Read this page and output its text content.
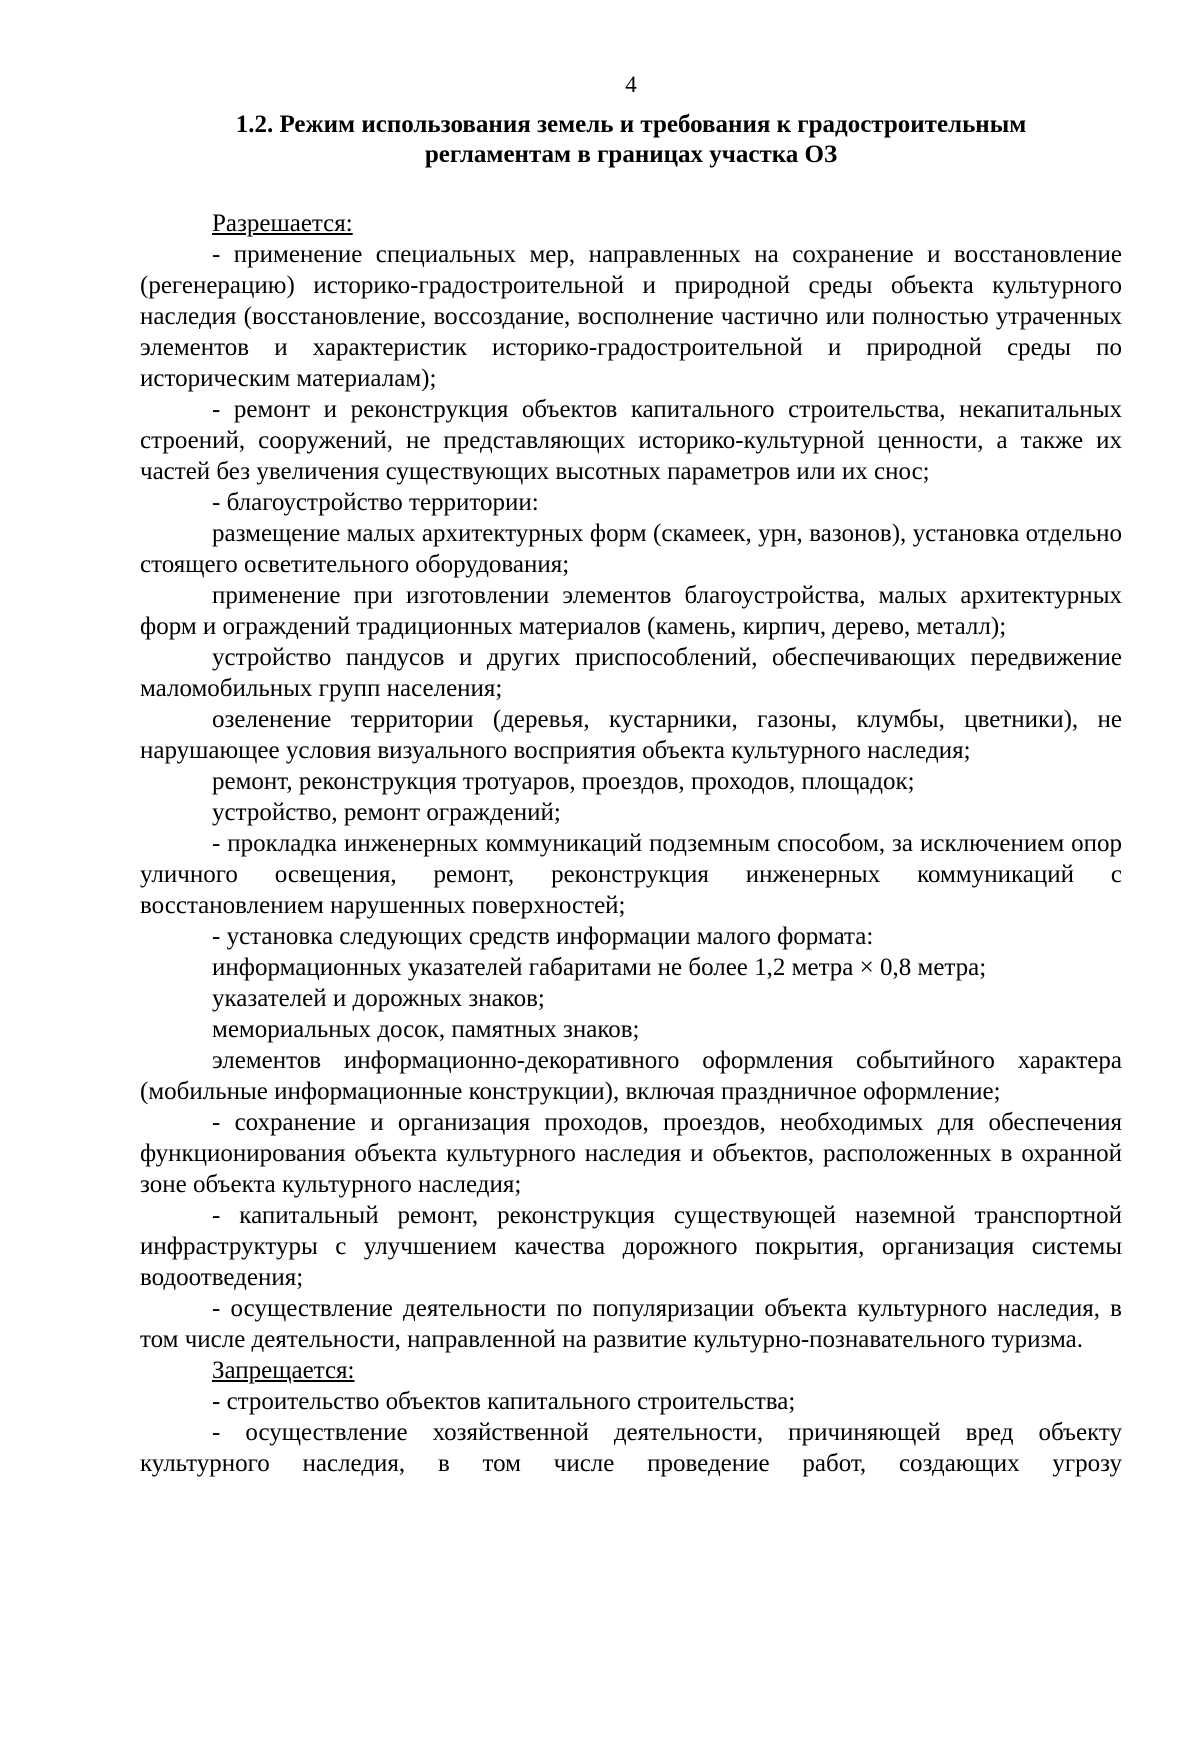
4
1.2. Режим использования земель и требования к градостроительным
регламентам в границах участка ОЗ

Разрешается:

- применение специальных мер, направленных на сохранение и восстановление (регенерацию) историко-градостроительной и природной среды объекта культурного наследия (восстановление, воссоздание, восполнение частично или полностью утраченных элементов и характеристик историко-градостроительной и природной среды по историческим материалам);

- ремонт и реконструкция объектов капитального строительства, некапитальных строений, сооружений, не представляющих историко-культурной ценности, а также их частей без увеличения существующих высотных параметров или их снос;

- благоустройство территории:

размещение малых архитектурных форм (скамеек, урн, вазонов), установка отдельно стоящего осветительного оборудования;

применение при изготовлении элементов благоустройства, малых архитектурных форм и ограждений традиционных материалов (камень, кирпич, дерево, металл);

устройство пандусов и других приспособлений, обеспечивающих передвижение маломобильных групп населения;

озеленение территории (деревья, кустарники, газоны, клумбы, цветники), не нарушающее условия визуального восприятия объекта культурного наследия;

ремонт, реконструкция тротуаров, проездов, проходов, площадок;

устройство, ремонт ограждений;

- прокладка инженерных коммуникаций подземным способом, за исключением опор уличного освещения, ремонт, реконструкция инженерных коммуникаций с восстановлением нарушенных поверхностей;

- установка следующих средств информации малого формата:

информационных указателей габаритами не более 1,2 метра × 0,8 метра;

указателей и дорожных знаков;

мемориальных досок, памятных знаков;

элементов информационно-декоративного оформления событийного характера (мобильные информационные конструкции), включая праздничное оформление;

- сохранение и организация проходов, проездов, необходимых для обеспечения функционирования объекта культурного наследия и объектов, расположенных в охранной зоне объекта культурного наследия;

- капитальный ремонт, реконструкция существующей наземной транспортной инфраструктуры с улучшением качества дорожного покрытия, организация системы водоотведения;

- осуществление деятельности по популяризации объекта культурного наследия, в том числе деятельности, направленной на развитие культурно-познавательного туризма.

Запрещается:

- строительство объектов капитального строительства;

- осуществление хозяйственной деятельности, причиняющей вред объекту культурного наследия, в том числе проведение работ, создающих угрозу
